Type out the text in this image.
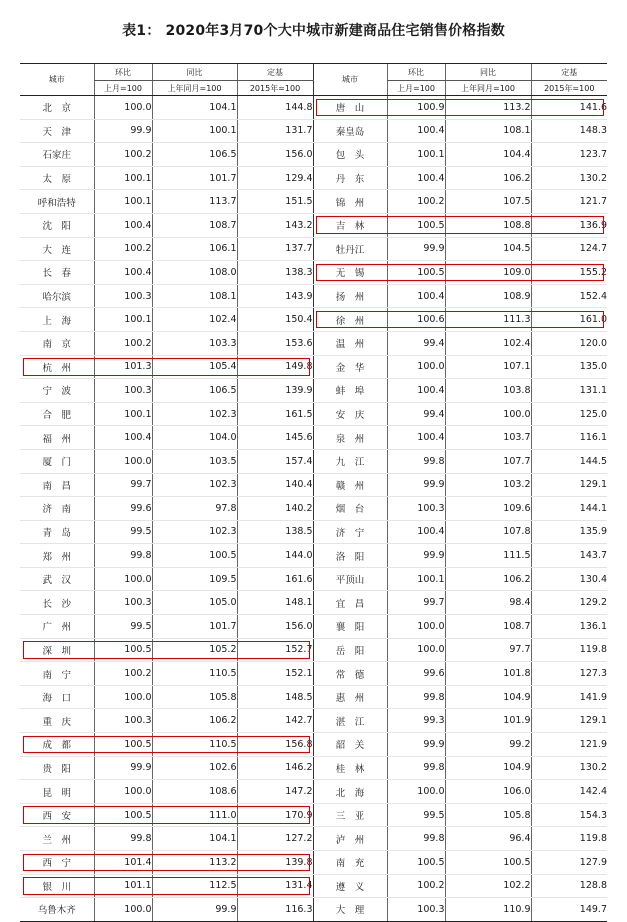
表1： 2020年3月70个大中城市新建商品住宅销售价格指数
城市	环比	同比	定基	城市	环比	同比	定基
	上月=100	上年同月=100	2015年=100		上月=100	上年同月=100	2015年=100
北　京	100.0	104.1	144.8	唐　山	100.9	113.2	141.6
天　津	99.9	100.1	131.7	秦皇岛	100.4	108.1	148.3
石家庄	100.2	106.5	156.0	包　头	100.1	104.4	123.7
太　原	100.1	101.7	129.4	丹　东	100.4	106.2	130.2
呼和浩特	100.1	113.7	151.5	锦　州	100.2	107.5	121.7
沈　阳	100.4	108.7	143.2	吉　林	100.5	108.8	136.9
大　连	100.2	106.1	137.7	牡丹江	99.9	104.5	124.7
长　春	100.4	108.0	138.3	无　锡	100.5	109.0	155.2
哈尔滨	100.3	108.1	143.9	扬　州	100.4	108.9	152.4
上　海	100.1	102.4	150.4	徐　州	100.6	111.3	161.0
南　京	100.2	103.3	153.6	温　州	99.4	102.4	120.0
杭　州	101.3	105.4	149.8	金　华	100.0	107.1	135.0
宁　波	100.3	106.5	139.9	蚌　埠	100.4	103.8	131.1
合　肥	100.1	102.3	161.5	安　庆	99.4	100.0	125.0
福　州	100.4	104.0	145.6	泉　州	100.4	103.7	116.1
厦　门	100.0	103.5	157.4	九　江	99.8	107.7	144.5
南　昌	99.7	102.3	140.4	赣　州	99.9	103.2	129.1
济　南	99.6	97.8	140.2	烟　台	100.3	109.6	144.1
青　岛	99.5	102.3	138.5	济　宁	100.4	107.8	135.9
郑　州	99.8	100.5	144.0	洛　阳	99.9	111.5	143.7
武　汉	100.0	109.5	161.6	平顶山	100.1	106.2	130.4
长　沙	100.3	105.0	148.1	宜　昌	99.7	98.4	129.2
广　州	99.5	101.7	156.0	襄　阳	100.0	108.7	136.1
深　圳	100.5	105.2	152.7	岳　阳	100.0	97.7	119.8
南　宁	100.2	110.5	152.1	常　德	99.6	101.8	127.3
海　口	100.0	105.8	148.5	惠　州	99.8	104.9	141.9
重　庆	100.3	106.2	142.7	湛　江	99.3	101.9	129.1
成　都	100.5	110.5	156.8	韶　关	99.9	99.2	121.9
贵　阳	99.9	102.6	146.2	桂　林	99.8	104.9	130.2
昆　明	100.0	108.6	147.2	北　海	100.0	106.0	142.4
西　安	100.5	111.0	170.9	三　亚	99.5	105.8	154.3
兰　州	99.8	104.1	127.2	泸　州	99.8	96.4	119.8
西　宁	101.4	113.2	139.8	南　充	100.5	100.5	127.9
银　川	101.1	112.5	131.4	遵　义	100.2	102.2	128.8
乌鲁木齐	100.0	99.9	116.3	大　理	100.3	110.9	149.7
